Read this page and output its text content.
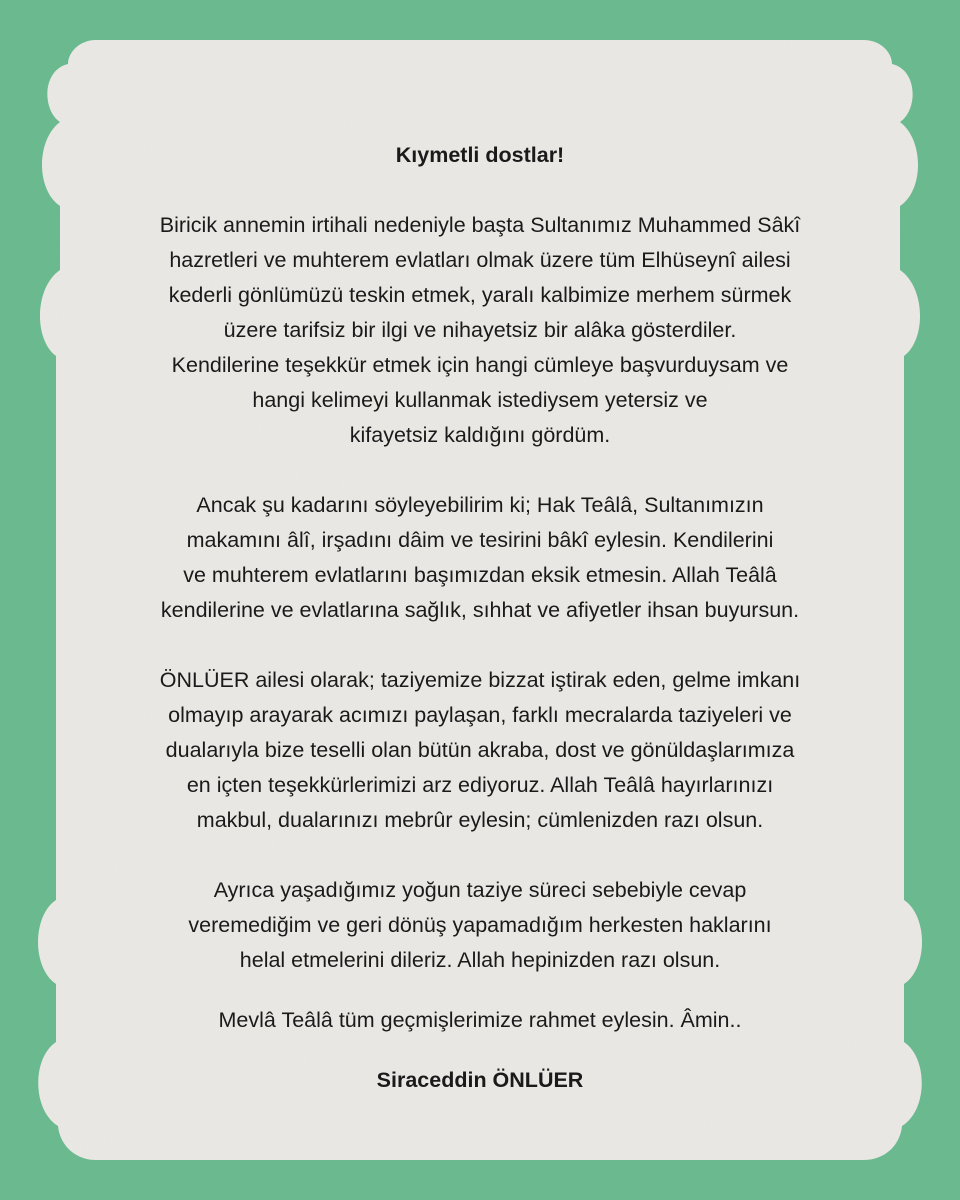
Kıymetli dostlar!
Biricik annemin irtihali nedeniyle başta Sultanımız Muhammed Sâkî
hazretleri ve muhterem evlatları olmak üzere tüm Elhüseynî ailesi
kederli gönlümüzü teskin etmek, yaralı kalbimize merhem sürmek
üzere tarifsiz bir ilgi ve nihayetsiz bir alâka gösterdiler.
Kendilerine teşekkür etmek için hangi cümleye başvurduysam ve
hangi kelimeyi kullanmak istediysem yetersiz ve
kifayetsiz kaldığını gördüm.
Ancak şu kadarını söyleyebilirim ki; Hak Teâlâ, Sultanımızın
makamını âlî, irşadını dâim ve tesirini bâkî eylesin. Kendilerini
ve muhterem evlatlarını başımızdan eksik etmesin. Allah Teâlâ
kendilerine ve evlatlarına sağlık, sıhhat ve afiyetler ihsan buyursun.
ÖNLÜER ailesi olarak; taziyemize bizzat iştirak eden, gelme imkanı
olmayıp arayarak acımızı paylaşan, farklı mecralarda taziyeleri ve
dualarıyla bize teselli olan bütün akraba, dost ve gönüldaşlarımıza
en içten teşekkürlerimizi arz ediyoruz. Allah Teâlâ hayırlarınızı
makbul, dualarınızı mebrûr eylesin; cümlenizden razı olsun.
Ayrıca yaşadığımız yoğun taziye süreci sebebiyle cevap
veremediğim ve geri dönüş yapamadığım herkesten haklarını
helal etmelerini dileriz. Allah hepinizden razı olsun.
Mevlâ Teâlâ tüm geçmişlerimize rahmet eylesin. Âmin..
Siraceddin ÖNLÜER
